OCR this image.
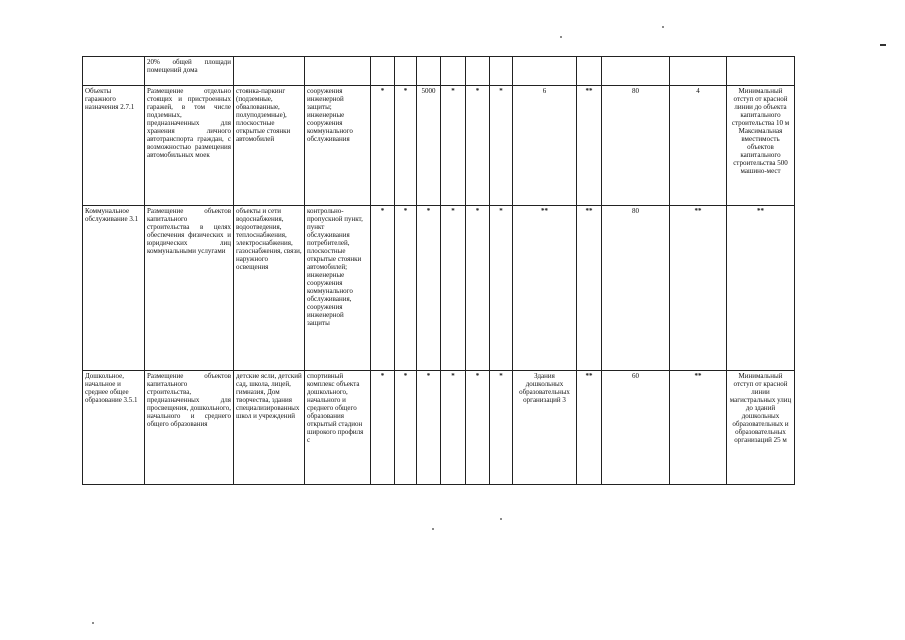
	20% общей площади помещений дома													
Объекты гаражного назначения 2.7.1	Размещение отдельно стоящих и пристроенных гаражей, в том числе подземных, предназначенных для хранения личного автотранспорта граждан, с возможностью размещения автомобильных моек	стоянка-паркинг (подземные, обвалованные, полуподземные), плоскостные открытые стоянки автомобилей	сооружения инженерной защиты; инженерные сооружения коммунального обслуживания	*	*	5000	*	*	*	6	**	80	4	Минимальный отступ от красной линии до объекта капитального строительства 10 м Максимальная вместимость объектов капитального строительства 500 машино-мест
Коммунальное обслуживание 3.1	Размещение объектов капитального строительства в целях обеспечения физических и юридических лиц коммунальными услугами	объекты и сети водоснабжения, водоотведения, теплоснабжения, электроснабжения, газоснабжения, связи, наружного освещения	контрольно-пропускной пункт, пункт обслуживания потребителей, плоскостные открытые стоянки автомобилей; инженерные сооружения коммунального обслуживания, сооружения инженерной защиты	*	*	*	*	*	*	**	**	80	**	**
Дошкольное, начальное и среднее общее образование 3.5.1	Размещение объектов капитального строительства, предназначенных для просвещения, дошкольного, начального и среднего общего образования	детские ясли, детский сад, школа, лицей, гимназия, Дом творчества, здания специализированных школ и учреждений	спортивный комплекс объекта дошкольного, начального и среднего общего образования открытый стадион широкого профиля с	*	*	*	*	*	*	Здания дошкольных образовательных организаций 3	**	60	**	Минимальный отступ от красной линии магистральных улиц до зданий дошкольных образовательных и образовательных организаций 25 м
